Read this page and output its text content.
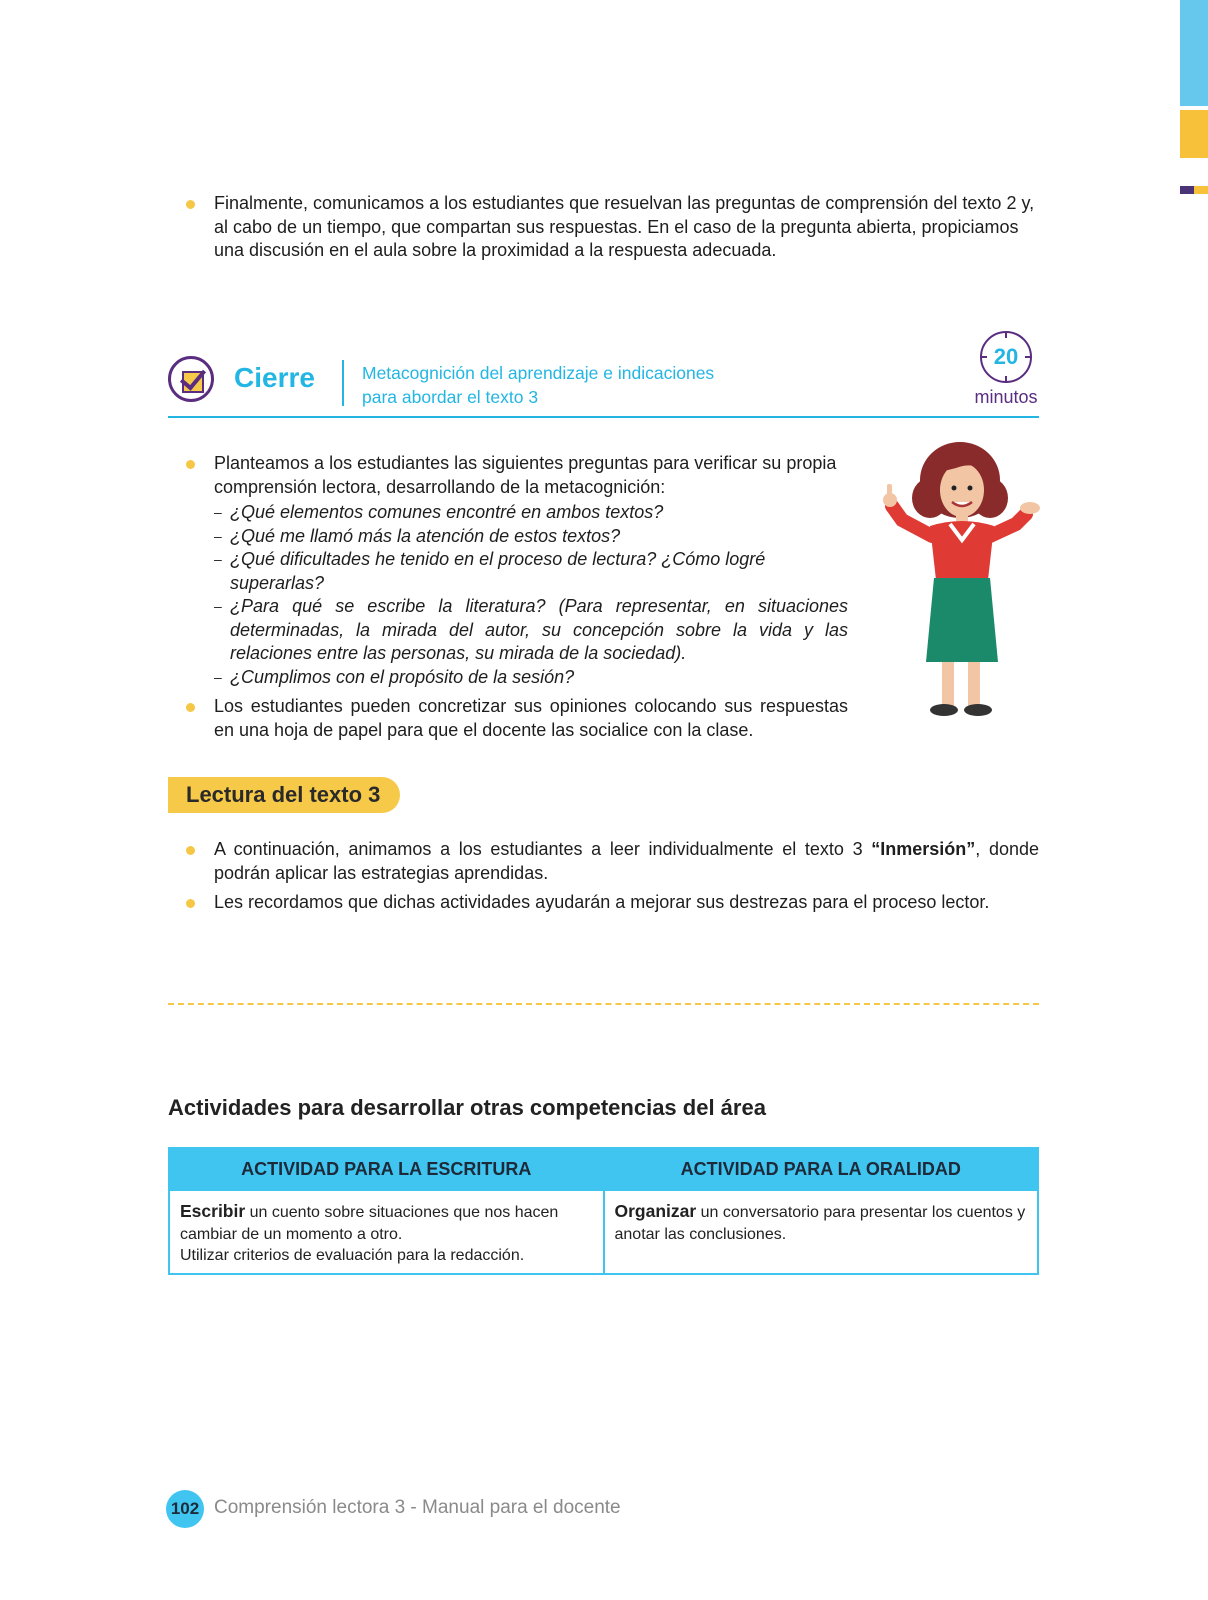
Finalmente, comunicamos a los estudiantes que resuelvan las preguntas de comprensión del texto 2 y, al cabo de un tiempo, que compartan sus respuestas. En el caso de la pregunta abierta, propiciamos una discusión en el aula sobre la proximidad a la respuesta adecuada.
Cierre	Metacognición del aprendizaje e indicaciones
para abordar el texto 3
20
minutos
Planteamos a los estudiantes las siguientes preguntas para verificar su propia comprensión lectora, desarrollando de la metacognición:
– ¿Qué elementos comunes encontré en ambos textos?
– ¿Qué me llamó más la atención de estos textos?
– ¿Qué dificultades he tenido en el proceso de lectura? ¿Cómo logré superarlas?
– ¿Para qué se escribe la literatura? (Para representar, en situaciones determinadas, la mirada del autor, su concepción sobre la vida y las relaciones entre las personas, su mirada de la sociedad).
– ¿Cumplimos con el propósito de la sesión?
Los estudiantes pueden concretizar sus opiniones colocando sus respuestas en una hoja de papel para que el docente las socialice con la clase.
Lectura del texto 3
A continuación, animamos a los estudiantes a leer individualmente el texto 3 “Inmersión”, donde podrán aplicar las estrategias aprendidas.
Les recordamos que dichas actividades ayudarán a mejorar sus destrezas para el proceso lector.
Actividades para desarrollar otras competencias del área
ACTIVIDAD PARA LA ESCRITURA	ACTIVIDAD PARA LA ORALIDAD
Escribir un cuento sobre situaciones que nos hacen cambiar de un momento a otro.
Utilizar criterios de evaluación para la redacción.	Organizar un conversatorio para presentar los cuentos y anotar las conclusiones.
102 Comprensión lectora 3 - Manual para el docente
